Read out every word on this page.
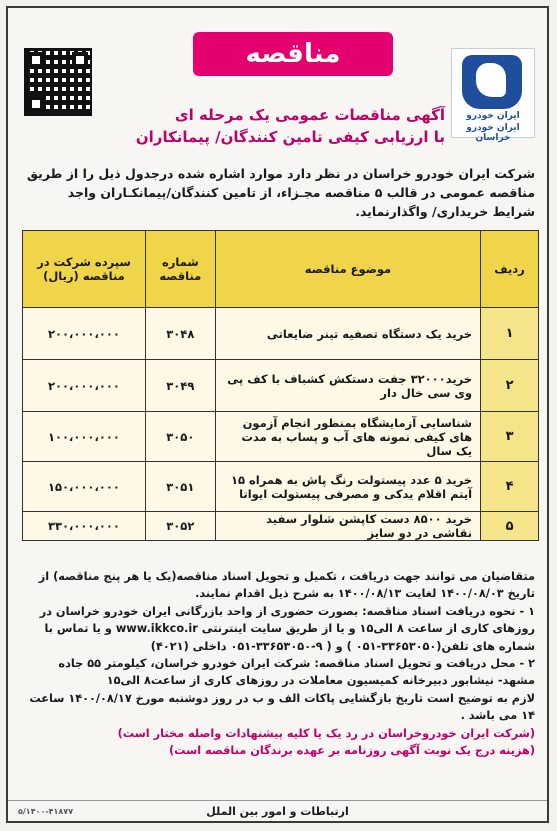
مناقصه
ایران خودرو
ایران خودرو خراسان
آگهی مناقصات عمومی یک مرحله ای
با ارزیابی کیفی تامین کنندگان/ پیمانکاران
شرکت ایران خودرو خراسان در نظر دارد موارد اشاره شده درجدول ذیل را از طریق مناقصه عمومی در قالب ۵ مناقصه مجـزاء، از تامین کنندگان/پیمانکـاران واجد شرایط خریداری/ واگذارنماید.
ردیف	موضوع مناقصه	شماره مناقصه	سپرده شرکت در مناقصه (ریال)
۱	خرید یک دستگاه تصفیه تینر ضایعاتی	۳۰۴۸	۲۰۰،۰۰۰،۰۰۰
۲	خرید۳۲۰۰۰ جفت دستکش کشباف با کف پی وی سی خال دار	۳۰۴۹	۲۰۰،۰۰۰،۰۰۰
۳	شناسایی آزمایشگاه بمنظور انجام آزمون های کیفی نمونه های آب و پساب به مدت یک سال	۳۰۵۰	۱۰۰،۰۰۰،۰۰۰
۴	خرید ۵ عدد پیستولت رنگ پاش به همراه ۱۵ آیتم اقلام یدکی و مصرفی پیستولت ایواتا	۳۰۵۱	۱۵۰،۰۰۰،۰۰۰
۵	خرید ۸۵۰۰ دست کاپشن شلوار سفید نقاشی در دو سایز	۳۰۵۲	۳۳۰،۰۰۰،۰۰۰

متقاضیان می توانند جهت دریافت ، تکمیل و تحویل اسناد مناقصه(یک یا هر پنج مناقصه) از تاریخ ۱۴۰۰/۰۸/۰۳ لغایت ۱۴۰۰/۰۸/۱۳ به شرح ذیل اقدام نمایند.

۱ - نحوه دریافت اسناد مناقصه: بصورت حضوری از واحد بازرگانی ایران خودرو خراسان در روزهای کاری از ساعت ۸ الی۱۵ و یا از طریق سایت اینترنتی www.ikkco.ir و یا تماس با شماره های تلفن(۳۳۶۵۳۰۵۰-۰۵۱ ) و ( ۹-۳۳۶۵۳۰۵۰-۰۵۱ داخلی (۴۰۲۱)

۲ - محل دریافت و تحویل اسناد مناقصه: شرکت ایران خودرو خراسان، کیلومتر ۵۵ جاده مشهد- نیشابور دبیرخانه کمیسیون معاملات در روزهای کاری از ساعت۸ الی۱۵

لازم به توضیح است تاریخ بازگشایی پاکات الف و ب در روز دوشنبه مورخ ۱۴۰۰/۰۸/۱۷ ساعت ۱۴ می باشد .

(شرکت ایران خودروخراسان در رد یک یا کلیه پیشنهادات واصله مختار است)

(هزینه درج یک نوبت آگهی روزنامه بر عهده برندگان مناقصه است)

ارتباطات و امور بین الملل
۵/۱۴۰۰-۴۱۸۷۷
